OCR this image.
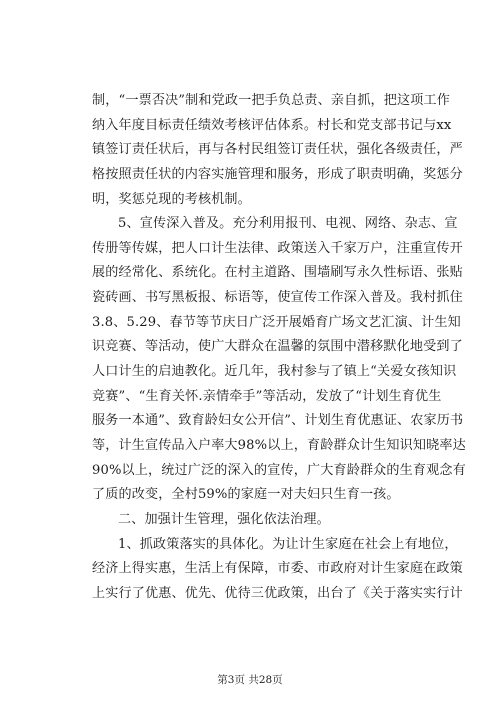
制，“一票否决”制和党政一把手负总责、亲自抓，把这项工作
纳入年度目标责任绩效考核评估体系。村长和党支部书记与xx
镇签订责任状后，再与各村民组签订责任状，强化各级责任，严
格按照责任状的内容实施管理和服务，形成了职责明确，奖惩分
明，奖惩兑现的考核机制。
5、宣传深入普及。充分利用报刊、电视、网络、杂志、宣
传册等传媒，把人口计生法律、政策送入千家万户，注重宣传开
展的经常化、系统化。在村主道路、围墙刷写永久性标语、张贴
瓷砖画、书写黑板报、标语等，使宣传工作深入普及。我村抓住
3.8、5.29、春节等节庆日广泛开展婚育广场文艺汇演、计生知
识竞赛、等活动，使广大群众在温馨的氛围中潜移默化地受到了
人口计生的启迪教化。近几年，我村参与了镇上“关爱女孩知识
竞赛”、“生育关怀.亲情牵手”等活动，发放了“计划生育优生
服务一本通”、致育龄妇女公开信”、计划生育优惠证、农家历书
等，计生宣传品入户率大98%以上，育龄群众计生知识知晓率达
90%以上，统过广泛的深入的宣传，广大育龄群众的生育观念有
了质的改变，全村59%的家庭一对夫妇只生育一孩。
二、加强计生管理，强化依法治理。
1、抓政策落实的具体化。为让计生家庭在社会上有地位，
经济上得实惠，生活上有保障，市委、市政府对计生家庭在政策
上实行了优惠、优先、优待三优政策，出台了《关于落实实行计
第3页 共28页
